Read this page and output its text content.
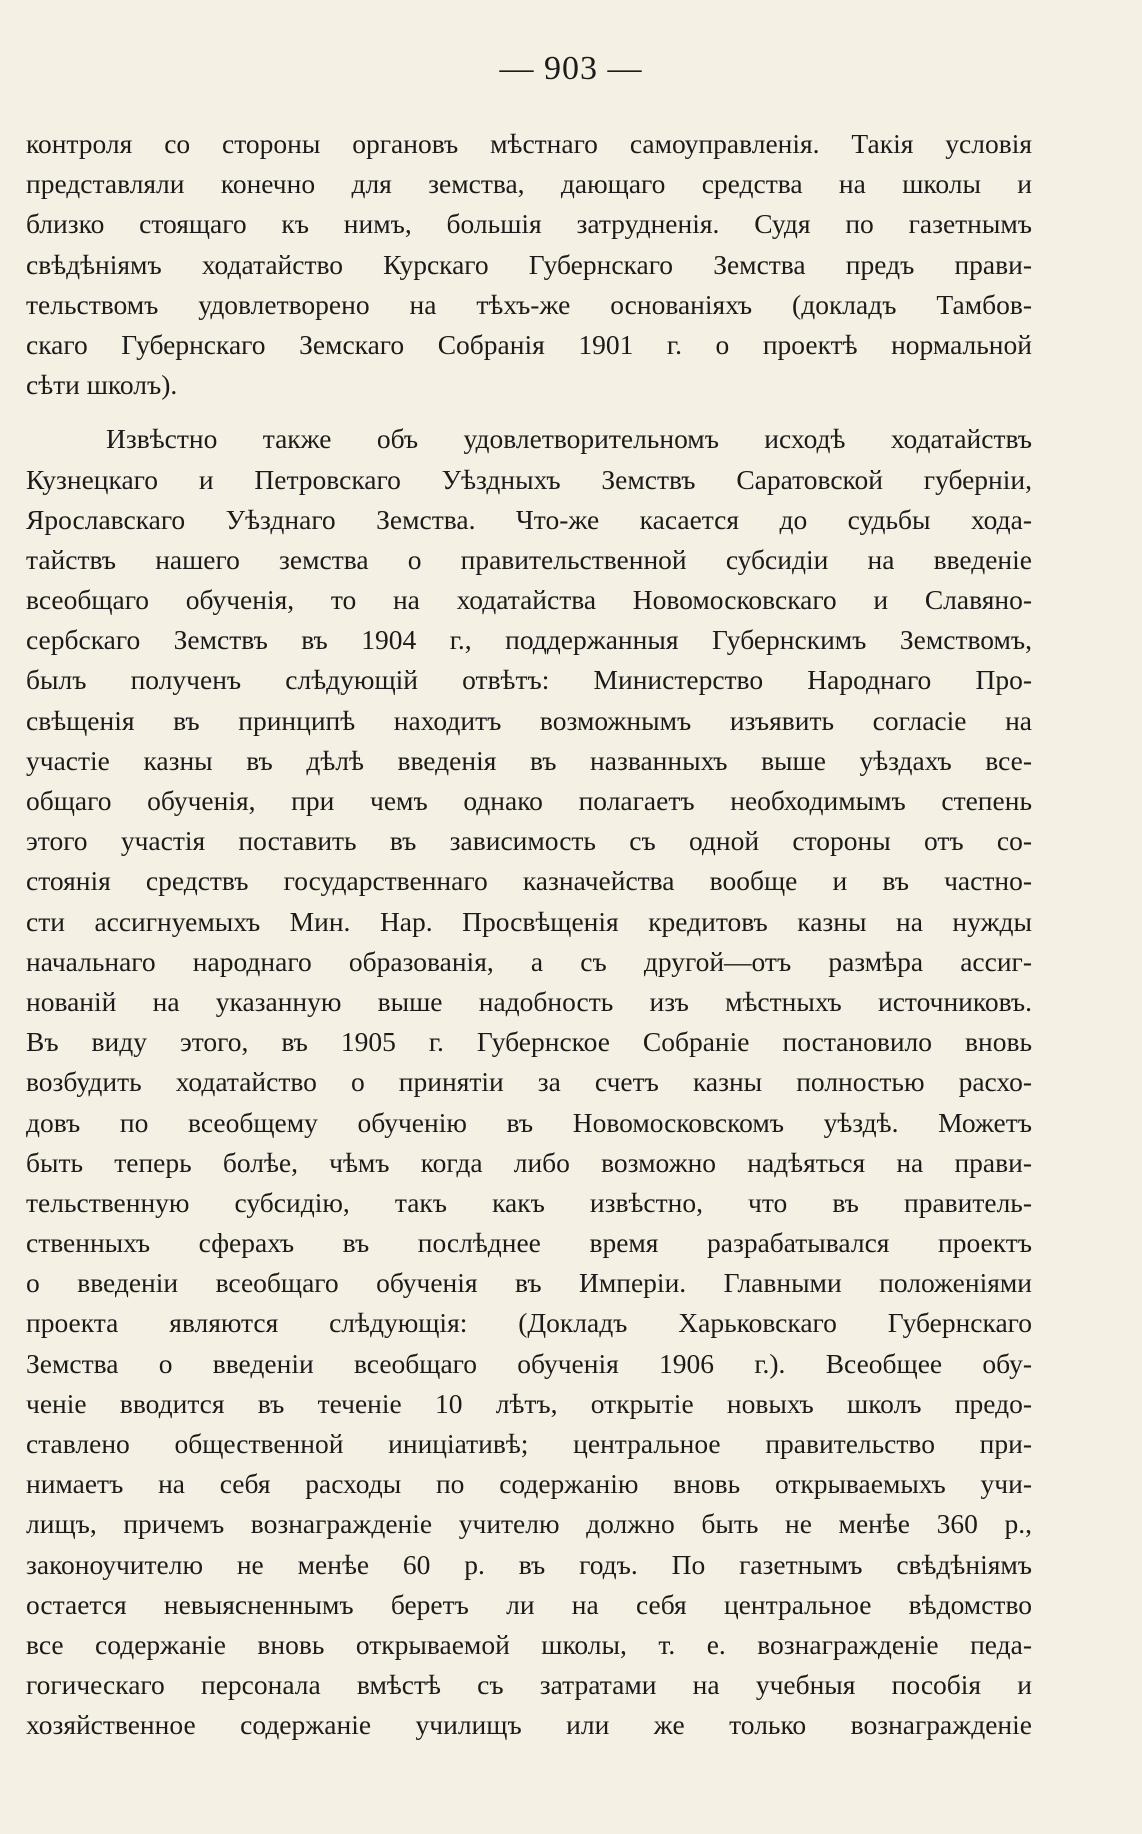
— 903 —
контроля со стороны органовъ мѣстнаго самоуправленія. Такія условія
представляли конечно для земства, дающаго средства на школы и
близко стоящаго къ нимъ, большія затрудненія. Судя по газетнымъ
свѣдѣніямъ ходатайство Курскаго Губернскаго Земства предъ прави-
тельствомъ удовлетворено на тѣхъ-же основаніяхъ (докладъ Тамбов-
скаго Губернскаго Земскаго Собранія 1901 г. о проектѣ нормальной
сѣти школъ).
Извѣстно также объ удовлетворительномъ исходѣ ходатайствъ
Кузнецкаго и Петровскаго Уѣздныхъ Земствъ Саратовской губерніи,
Ярославскаго Уѣзднаго Земства. Что-же касается до судьбы хода-
тайствъ нашего земства о правительственной субсидіи на введеніе
всеобщаго обученія, то на ходатайства Новомосковскаго и Славяно-
сербскаго Земствъ въ 1904 г., поддержанныя Губернскимъ Земствомъ,
былъ полученъ слѣдующій отвѣтъ: Министерство Народнаго Про-
свѣщенія въ принципѣ находитъ возможнымъ изъявить согласіе на
участіе казны въ дѣлѣ введенія въ названныхъ выше уѣздахъ все-
общаго обученія, при чемъ однако полагаетъ необходимымъ степень
этого участія поставить въ зависимость съ одной стороны отъ со-
стоянія средствъ государственнаго казначейства вообще и въ частно-
сти ассигнуемыхъ Мин. Нар. Просвѣщенія кредитовъ казны на нужды
начальнаго народнаго образованія, а съ другой—отъ размѣра ассиг-
нованій на указанную выше надобность изъ мѣстныхъ источниковъ.
Въ виду этого, въ 1905 г. Губернское Собраніе постановило вновь
возбудить ходатайство о принятіи за счетъ казны полностью расхо-
довъ по всеобщему обученію въ Новомосковскомъ уѣздѣ. Можетъ
быть теперь болѣе, чѣмъ когда либо возможно надѣяться на прави-
тельственную субсидію, такъ какъ извѣстно, что въ правитель-
ственныхъ сферахъ въ послѣднее время разрабатывался проектъ
о введеніи всеобщаго обученія въ Имперіи. Главными положеніями
проекта являются слѣдующія: (Докладъ Харьковскаго Губернскаго
Земства о введеніи всеобщаго обученія 1906 г.). Всеобщее обу-
ченіе вводится въ теченіе 10 лѣтъ, открытіе новыхъ школъ предо-
ставлено общественной иниціативѣ; центральное правительство при-
нимаетъ на себя расходы по содержанію вновь открываемыхъ учи-
лищъ, причемъ вознагражденіе учителю должно быть не менѣе 360 р.,
законоучителю не менѣе 60 р. въ годъ. По газетнымъ свѣдѣніямъ
остается невыясненнымъ беретъ ли на себя центральное вѣдомство
все содержаніе вновь открываемой школы, т. е. вознагражденіе педа-
гогическаго персонала вмѣстѣ съ затратами на учебныя пособія и
хозяйственное содержаніе училищъ или же только вознагражденіе
